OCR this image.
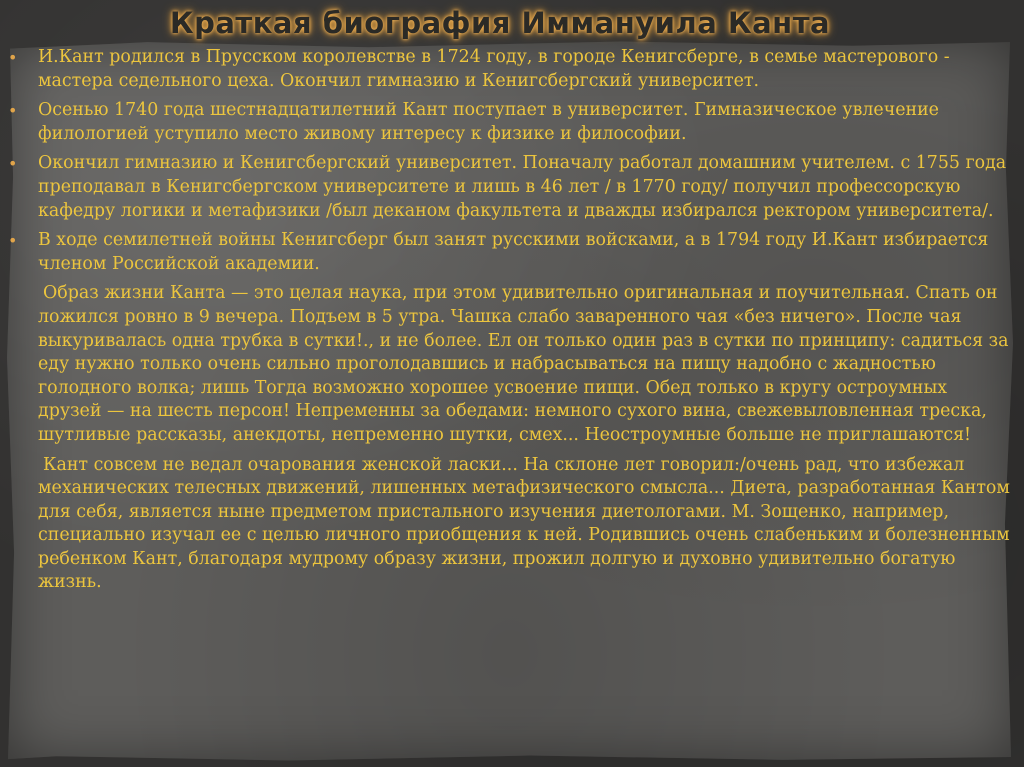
Краткая биография Иммануила Канта

• И.Кант родился в Прусском королевстве в 1724 году, в городе Кенигсберге, в семье мастерового - мастера седельного цеха. Окончил гимназию и Кенигсбергский университет.

• Осенью 1740 года шестнадцатилетний Кант поступает в университет. Гимназическое увлечение филологией уступило место живому интересу к физике и философии.

• Окончил гимназию и Кенигсбергский университет. Поначалу работал домашним учителем. с 1755 года преподавал в Кенигсбергском университете и лишь в 46 лет / в 1770 году/ получил профессорскую кафедру логики и метафизики /был деканом факультета и дважды избирался ректором университета/.

• В ходе семилетней войны Кенигсберг был занят русскими войсками, а в 1794 году И.Кант избирается членом Российской академии.

Образ жизни Канта — это целая наука, при этом удивительно оригинальная и поучительная. Спать он ложился ровно в 9 вечера. Подъем в 5 утра. Чашка слабо заваренного чая «без ничего». После чая выкуривалась одна трубка в сутки!., и не более. Ел он только один раз в сутки по принципу: садиться за еду нужно только очень сильно проголодавшись и набрасываться на пищу надобно с жадностью голодного волка; лишь Тогда возможно хорошее усвоение пищи. Обед только в кругу остроумных друзей — на шесть персон! Непременны за обедами: немного сухого вина, свежевыловленная треска, шутливые рассказы, анекдоты, непременно шутки, смех... Неостроумные больше не приглашаются!

Кант совсем не ведал очарования женской ласки... На склоне лет говорил:/очень рад, что избежал механических телесных движений, лишенных метафизического смысла... Диета, разработанная Кантом для себя, является ныне предметом пристального изучения диетологами. М. Зощенко, например, специально изучал ее с целью личного приобщения к ней. Родившись очень слабеньким и болезненным ребенком Кант, благодаря мудрому образу жизни, прожил долгую и духовно удивительно богатую жизнь.
